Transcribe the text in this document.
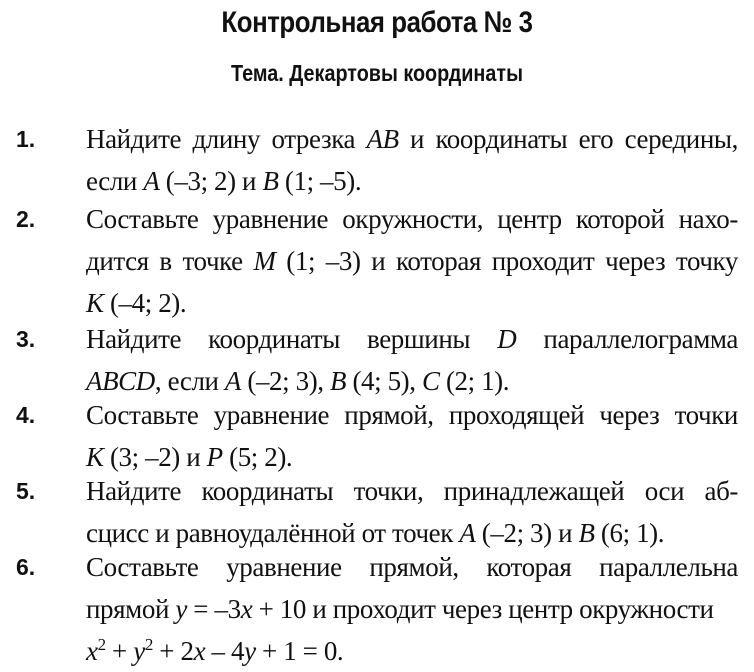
Контрольная работа № 3
Тема. Декартовы координаты
1. Найдите длину отрезка AB и координаты его середины,
если A (–3; 2) и B (1; –5).
2. Составьте уравнение окружности, центр которой нахо-
дится в точке M (1; –3) и которая проходит через точку
K (–4; 2).
3. Найдите координаты вершины D параллелограмма
ABCD, если A (–2; 3), B (4; 5), C (2; 1).
4. Составьте уравнение прямой, проходящей через точки
K (3; –2) и P (5; 2).
5. Найдите координаты точки, принадлежащей оси аб-
сцисс и равноудалённой от точек A (–2; 3) и B (6; 1).
6. Составьте уравнение прямой, которая параллельна
прямой y = –3x + 10 и проходит через центр окружности
$x^2 + y^2 + 2x - 4y + 1 = 0$.
